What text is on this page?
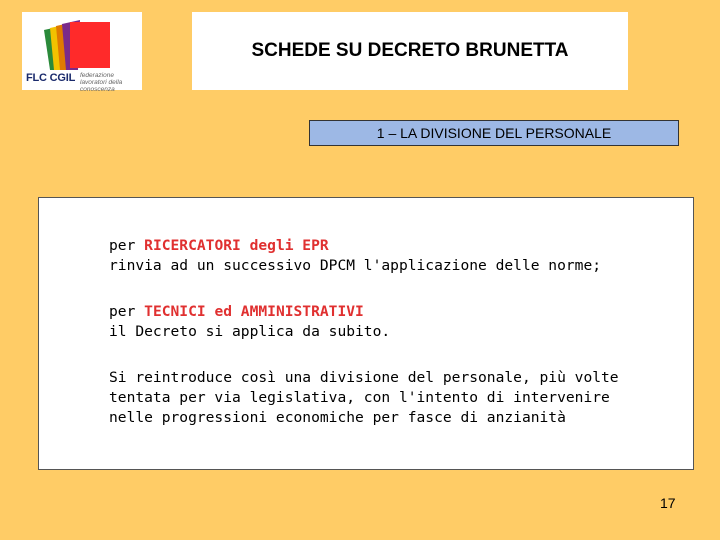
FLC CGIL federazione lavoratori della conoscenza
SCHEDE SU DECRETO BRUNETTA
1 – LA DIVISIONE DEL PERSONALE
per RICERCATORI degli EPR
rinvia ad un successivo DPCM l'applicazione delle norme;
per TECNICI ed AMMINISTRATIVI
il Decreto si applica da subito.
Si reintroduce così una divisione del personale, più volte
tentata per via legislativa, con l'intento di intervenire
nelle progressioni economiche per fasce di anzianità
17
